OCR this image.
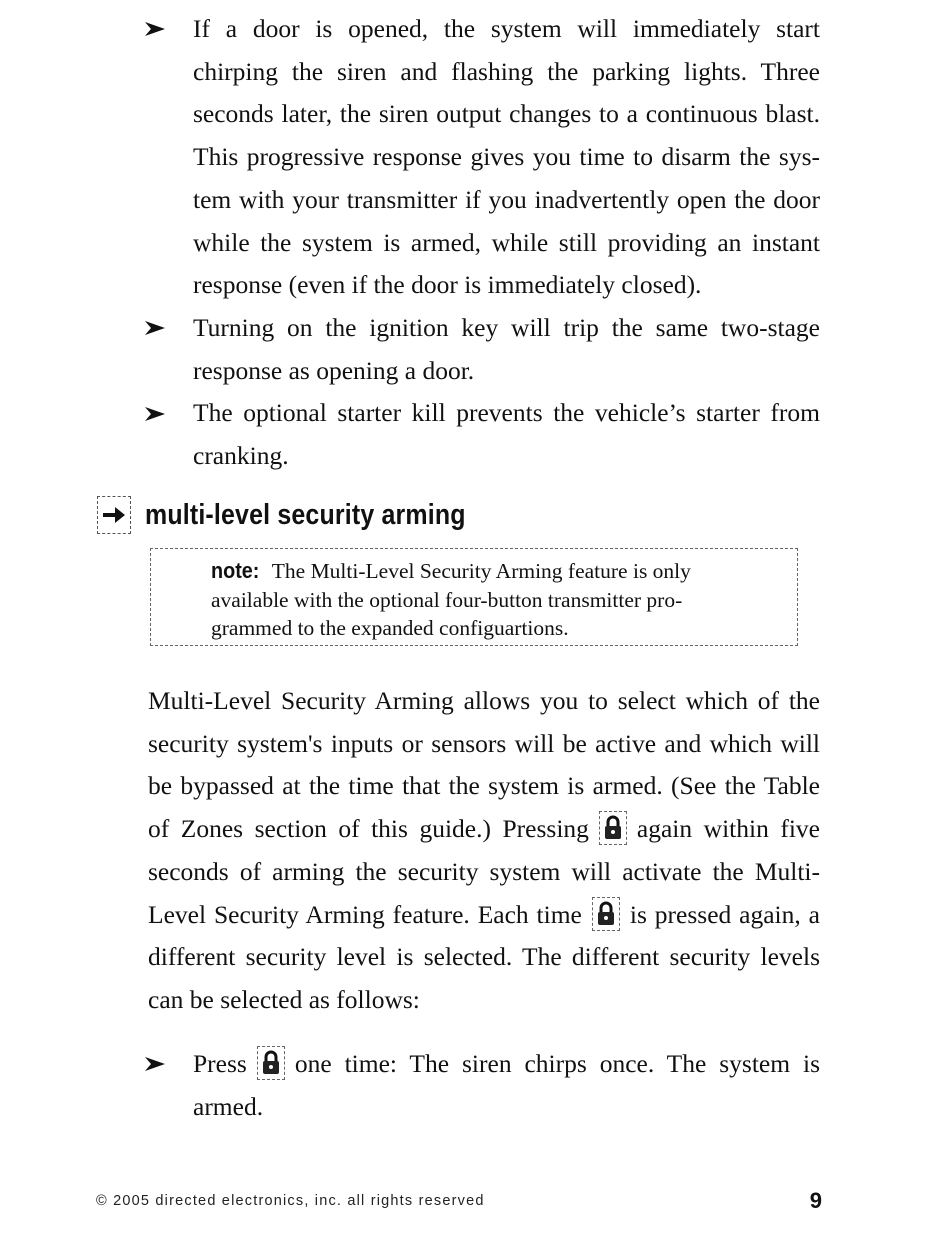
If a door is opened, the system will immediately start chirping the siren and flashing the parking lights. Three seconds later, the siren output changes to a continuous blast. This progressive response gives you time to disarm the sys-tem with your transmitter if you inadvertently open the door while the system is armed, while still providing an instant response (even if the door is immediately closed).
Turning on the ignition key will trip the same two-stage response as opening a door.
The optional starter kill prevents the vehicle’s starter from cranking.
multi-level security arming
note: The Multi-Level Security Arming feature is only available with the optional four-button transmitter pro-grammed to the expanded configuartions.

Multi-Level Security Arming allows you to select which of the security system's inputs or sensors will be active and which will be bypassed at the time that the system is armed. (See the Table of Zones section of this guide.) Pressing again within five seconds of arming the security system will activate the Multi-Level Security Arming feature. Each time is pressed again, a different security level is selected. The different security levels can be selected as follows:

Press one time: The siren chirps once. The system is armed.
© 2005 directed electronics, inc. all rights reserved	9
